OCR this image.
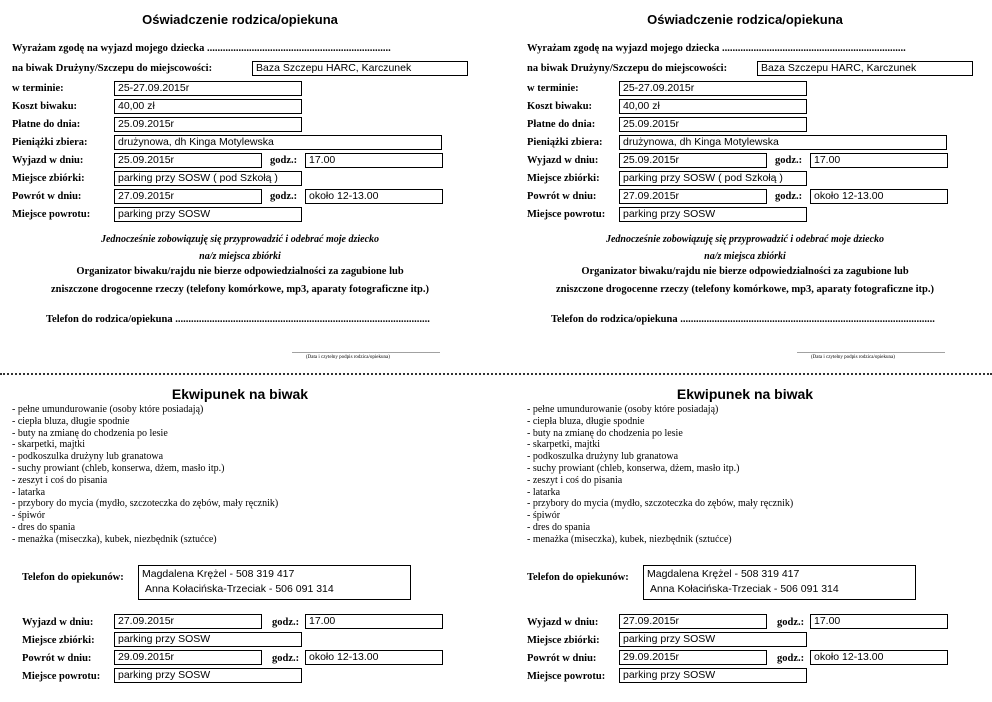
Oświadczenie rodzica/opiekuna
Wyrażam zgodę na wyjazd mojego dziecka ......................................................................
na biwak Drużyny/Szczepu do miejscowości:	Baza Szczepu HARC, Karczunek
w terminie:	25-27.09.2015r
Koszt biwaku:	40,00 zł
Płatne do dnia:	25.09.2015r
Pieniążki zbiera:	drużynowa, dh Kinga Motylewska
Wyjazd w dniu:	25.09.2015r	godz.:	17.00
Miejsce zbiórki:	parking przy SOSW ( pod Szkołą )
Powrót w dniu:	27.09.2015r	godz.:	około 12-13.00
Miejsce powrotu:	parking przy SOSW
Jednocześnie zobowiązuję się przyprowadzić i odebrać moje dziecko
na/z miejsca zbiórki
Organizator biwaku/rajdu nie bierze odpowiedzialności za zagubione lub
zniszczone drogocenne rzeczy (telefony komórkowe, mp3, aparaty fotograficzne itp.)
Telefon do rodzica/opiekuna .................................................................................................
..........................................................................
(Data i czytelny podpis rodzica/opiekuna)
Ekwipunek na biwak
- pełne umundurowanie (osoby które posiadają)
- ciepła bluza, długie spodnie
- buty na zmianę do chodzenia po lesie
- skarpetki, majtki
- podkoszulka drużyny lub granatowa
- suchy prowiant (chleb, konserwa, dżem, masło itp.)
- zeszyt i coś do pisania
- latarka
- przybory do mycia (mydło, szczoteczka do zębów, mały ręcznik)
- śpiwór
- dres do spania
- menażka (miseczka), kubek, niezbędnik (sztućce)
Telefon do opiekunów: Magdalena Krężel - 508 319 417
Anna Kołacińska-Trzeciak - 506 091 314
Wyjazd w dniu:	27.09.2015r	godz.: 17.00
Miejsce zbiórki:	parking przy SOSW
Powrót w dniu:	29.09.2015r	godz.: około 12-13.00
Miejsce powrotu:	parking przy SOSW
Oświadczenie rodzica/opiekuna
Wyrażam zgodę na wyjazd mojego dziecka ......................................................................
na biwak Drużyny/Szczepu do miejscowości:	Baza Szczepu HARC, Karczunek
w terminie:	25-27.09.2015r
Koszt biwaku:	40,00 zł
Płatne do dnia:	25.09.2015r
Pieniążki zbiera:	drużynowa, dh Kinga Motylewska
Wyjazd w dniu:	25.09.2015r	godz.:	17.00
Miejsce zbiórki:	parking przy SOSW ( pod Szkołą )
Powrót w dniu:	27.09.2015r	godz.:	około 12-13.00
Miejsce powrotu:	parking przy SOSW
Jednocześnie zobowiązuję się przyprowadzić i odebrać moje dziecko
na/z miejsca zbiórki
Organizator biwaku/rajdu nie bierze odpowiedzialności za zagubione lub
zniszczone drogocenne rzeczy (telefony komórkowe, mp3, aparaty fotograficzne itp.)
Telefon do rodzica/opiekuna .................................................................................................
..........................................................................
(Data i czytelny podpis rodzica/opiekuna)
Ekwipunek na biwak
- pełne umundurowanie (osoby które posiadają)
- ciepła bluza, długie spodnie
- buty na zmianę do chodzenia po lesie
- skarpetki, majtki
- podkoszulka drużyny lub granatowa
- suchy prowiant (chleb, konserwa, dżem, masło itp.)
- zeszyt i coś do pisania
- latarka
- przybory do mycia (mydło, szczoteczka do zębów, mały ręcznik)
- śpiwór
- dres do spania
- menażka (miseczka), kubek, niezbędnik (sztućce)
Telefon do opiekunów: Magdalena Krężel - 508 319 417
Anna Kołacińska-Trzeciak - 506 091 314
Wyjazd w dniu:	27.09.2015r	godz.: 17.00
Miejsce zbiórki:	parking przy SOSW
Powrót w dniu:	29.09.2015r	godz.: około 12-13.00
Miejsce powrotu:	parking przy SOSW
